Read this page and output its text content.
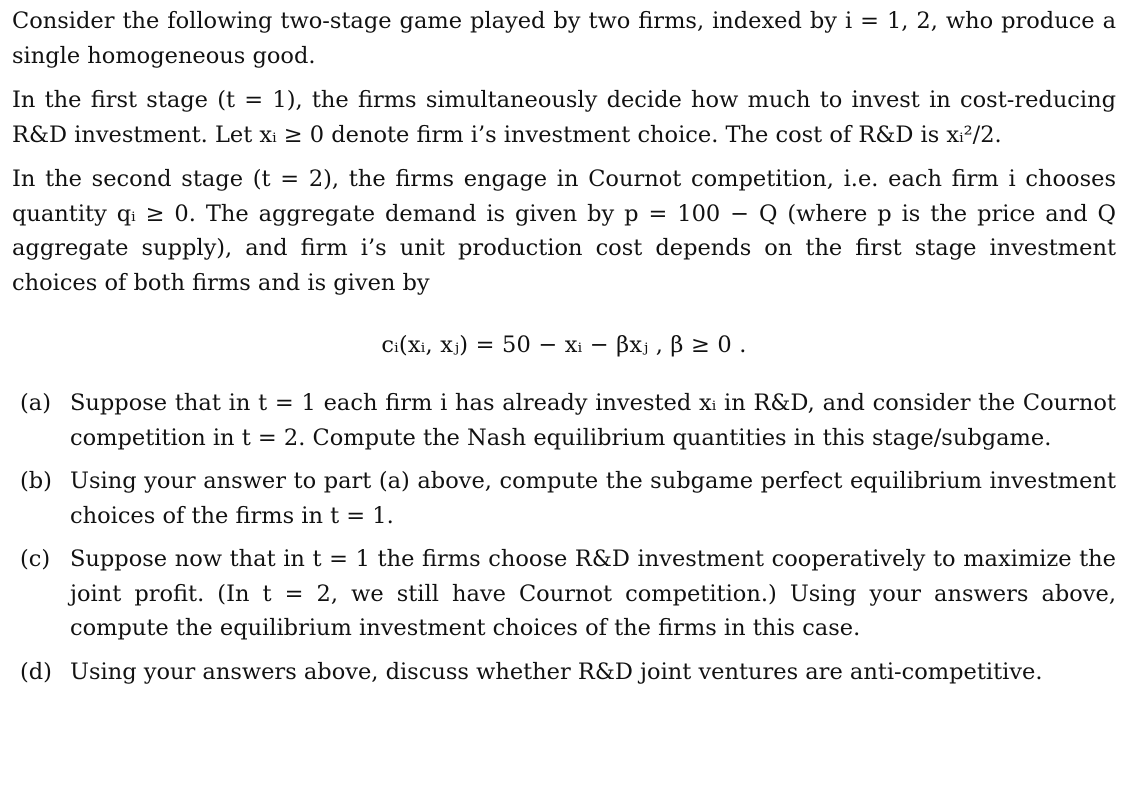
Consider the following two-stage game played by two firms, indexed by i = 1, 2, who produce a single homogeneous good.

In the first stage (t = 1), the firms simultaneously decide how much to invest in cost-reducing R&D investment. Let xᵢ ≥ 0 denote firm i’s investment choice. The cost of R&D is xᵢ²/2.

In the second stage (t = 2), the firms engage in Cournot competition, i.e. each firm i chooses quantity qᵢ ≥ 0. The aggregate demand is given by p = 100 − Q (where p is the price and Q aggregate supply), and firm i’s unit production cost depends on the first stage investment choices of both firms and is given by

cᵢ(xᵢ, xⱼ) = 50 − xᵢ − βxⱼ , β ≥ 0 .
(a) Suppose that in t = 1 each firm i has already invested xᵢ in R&D, and consider the Cournot competition in t = 2. Compute the Nash equilibrium quantities in this stage/subgame.
(b) Using your answer to part (a) above, compute the subgame perfect equilibrium investment choices of the firms in t = 1.
(c) Suppose now that in t = 1 the firms choose R&D investment cooperatively to maximize the joint profit. (In t = 2, we still have Cournot competition.) Using your answers above, compute the equilibrium investment choices of the firms in this case.
(d) Using your answers above, discuss whether R&D joint ventures are anti-competitive.
